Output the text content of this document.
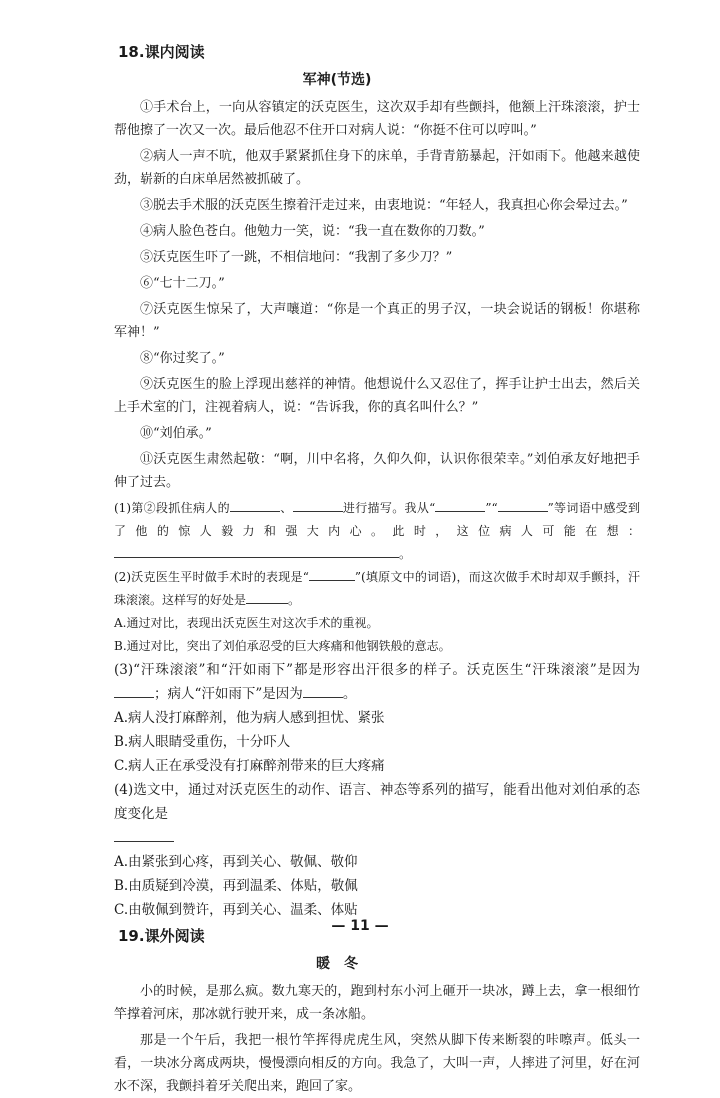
18.课内阅读
军神(节选)

①手术台上，一向从容镇定的沃克医生，这次双手却有些颤抖，他额上汗珠滚滚，护士帮他擦了一次又一次。最后他忍不住开口对病人说：“你挺不住可以哼叫。”

②病人一声不吭，他双手紧紧抓住身下的床单，手背青筋暴起，汗如雨下。他越来越使劲，崭新的白床单居然被抓破了。

③脱去手术服的沃克医生擦着汗走过来，由衷地说：“年轻人，我真担心你会晕过去。”

④病人脸色苍白。他勉力一笑，说：“我一直在数你的刀数。”

⑤沃克医生吓了一跳，不相信地问：“我割了多少刀？”

⑥“七十二刀。”

⑦沃克医生惊呆了，大声嚷道：“你是一个真正的男子汉，一块会说话的钢板！你堪称军神！”

⑧“你过奖了。”

⑨沃克医生的脸上浮现出慈祥的神情。他想说什么又忍住了，挥手让护士出去，然后关上手术室的门，注视着病人，说：“告诉我，你的真名叫什么？”

⑩“刘伯承。”

⑪沃克医生肃然起敬：“啊，川中名将，久仰久仰，认识你很荣幸。”刘伯承友好地把手伸了过去。

(1)第②段抓住病人的	、	进行描写。我从“	”“	”等词语中感受到了他的惊人毅力和强大内心。此时，这位病人可能在想：。

(2)沃克医生平时做手术时的表现是“	”(填原文中的词语)，而这次做手术时却双手颤抖，汗珠滚滚。这样写的好处是	。

A.通过对比，表现出沃克医生对这次手术的重视。

B.通过对比，突出了刘伯承忍受的巨大疼痛和他钢铁般的意志。

(3)“汗珠滚滚”和“汗如雨下”都是形容出汗很多的样子。沃克医生“汗珠滚滚”是因为；病人“汗如雨下”是因为	。

A.病人没打麻醉剂，他为病人感到担忧、紧张

B.病人眼睛受重伤，十分吓人

C.病人正在承受没有打麻醉剂带来的巨大疼痛

(4)选文中，通过对沃克医生的动作、语言、神态等系列的描写，能看出他对刘伯承的态度变化是

A.由紧张到心疼，再到关心、敬佩、敬仰

B.由质疑到冷漠，再到温柔、体贴，敬佩

C.由敬佩到赞许，再到关心、温柔、体贴

19.课外阅读
暖　冬

小的时候，是那么疯。数九寒天的，跑到村东小河上砸开一块冰，蹲上去，拿一根细竹竿撑着河床，那冰就行驶开来，成一条冰船。

那是一个午后，我把一根竹竿挥得虎虎生风，突然从脚下传来断裂的咔嚓声。低头一看，一块冰分离成两块，慢慢漂向相反的方向。我急了，大叫一声，人摔进了河里，好在河水不深，我颤抖着牙关爬出来，跑回了家。

— 11 —
